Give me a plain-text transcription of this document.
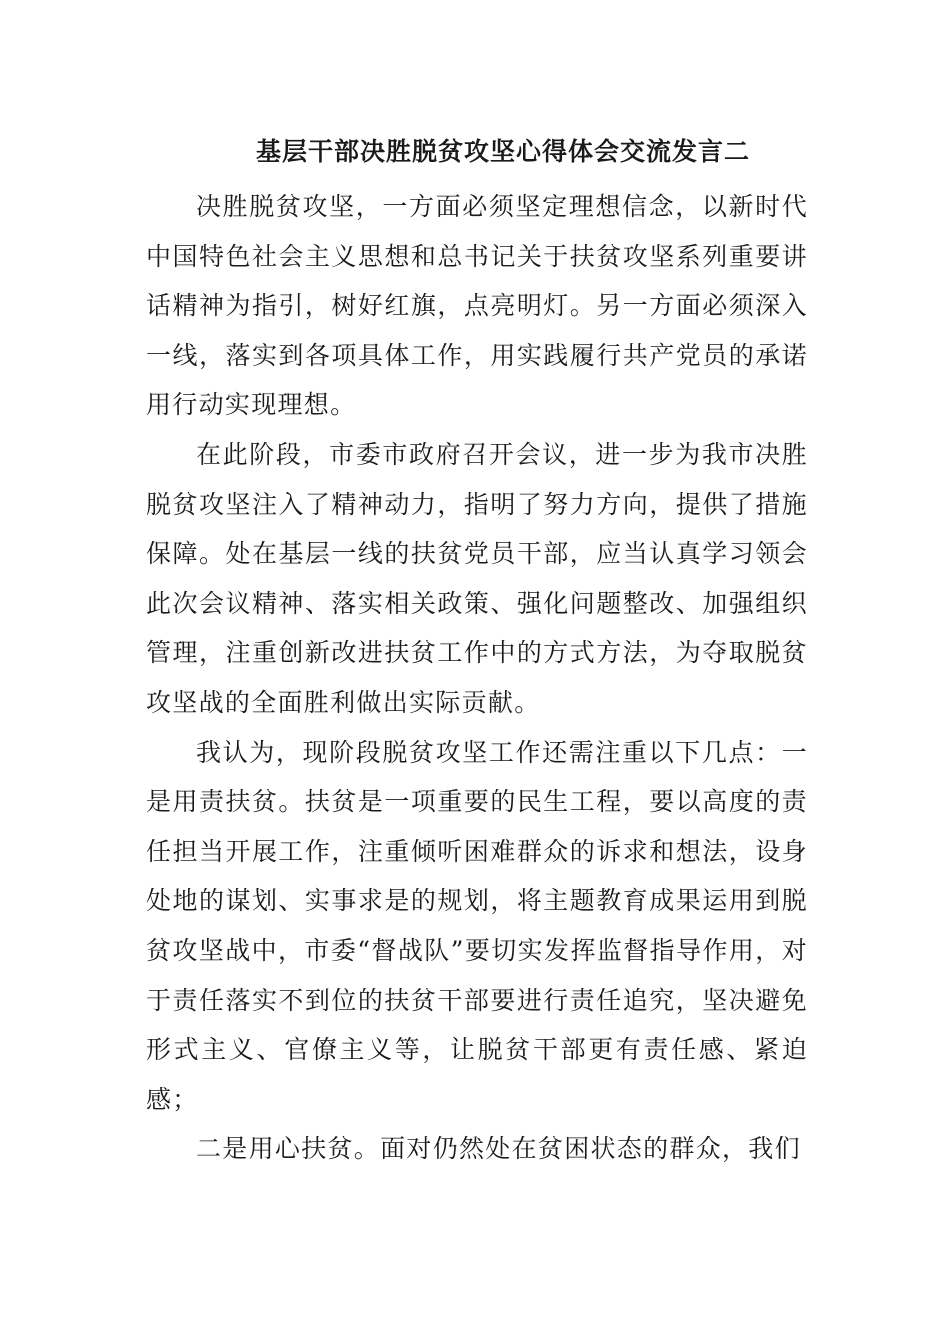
基层干部决胜脱贫攻坚心得体会交流发言二

决胜脱贫攻坚，一方面必须坚定理想信念，以新时代中国特色社会主义思想和总书记关于扶贫攻坚系列重要讲话精神为指引，树好红旗，点亮明灯。另一方面必须深入一线，落实到各项具体工作，用实践履行共产党员的承诺用行动实现理想。

在此阶段，市委市政府召开会议，进一步为我市决胜脱贫攻坚注入了精神动力，指明了努力方向，提供了措施保障。处在基层一线的扶贫党员干部，应当认真学习领会此次会议精神、落实相关政策、强化问题整改、加强组织管理，注重创新改进扶贫工作中的方式方法，为夺取脱贫攻坚战的全面胜利做出实际贡献。

我认为，现阶段脱贫攻坚工作还需注重以下几点：一是用责扶贫。扶贫是一项重要的民生工程，要以高度的责任担当开展工作，注重倾听困难群众的诉求和想法，设身处地的谋划、实事求是的规划，将主题教育成果运用到脱贫攻坚战中，市委“督战队”要切实发挥监督指导作用，对于责任落实不到位的扶贫干部要进行责任追究，坚决避免形式主义、官僚主义等，让脱贫干部更有责任感、紧迫感；

二是用心扶贫。面对仍然处在贫困状态的群众，我们
